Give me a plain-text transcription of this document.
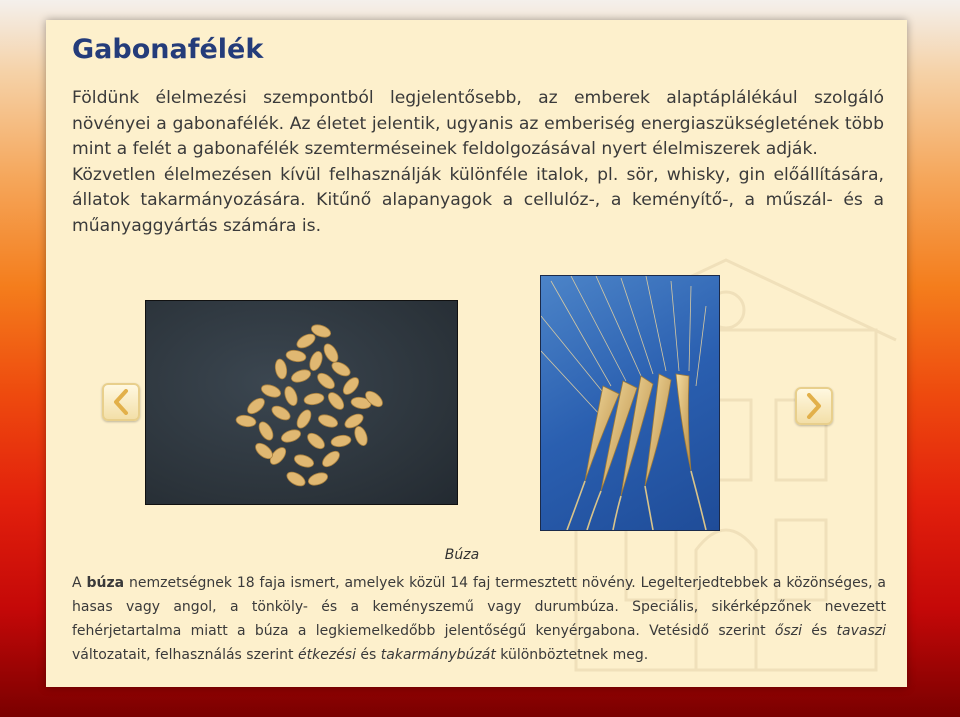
Gabonafélék

Földünk élelmezési szempontból legjelentősebb, az emberek alaptáplálékául szolgáló növényei a gabonafélék. Az életet jelentik, ugyanis az emberiség energiaszükségletének több mint a felét a gabonafélék szemterméseinek feldolgozásával nyert élelmiszerek adják.

Közvetlen élelmezésen kívül felhasználják különféle italok, pl. sör, whisky, gin előállítására, állatok takarmányozására. Kitűnő alapanyagok a cellulóz-, a keményítő-, a műszál- és a műanyaggyártás számára is.

Búza

A búza nemzetségnek 18 faja ismert, amelyek közül 14 faj termesztett növény. Legelterjedtebbek a közönséges, a hasas vagy angol, a tönköly- és a keményszemű vagy durumbúza. Speciális, sikérképzőnek nevezett fehérjetartalma miatt a búza a legkiemelkedőbb jelentőségű kenyérgabona. Vetésidő szerint őszi és tavaszi változatait, felhasználás szerint étkezési és takarmánybúzát különböztetnek meg.
